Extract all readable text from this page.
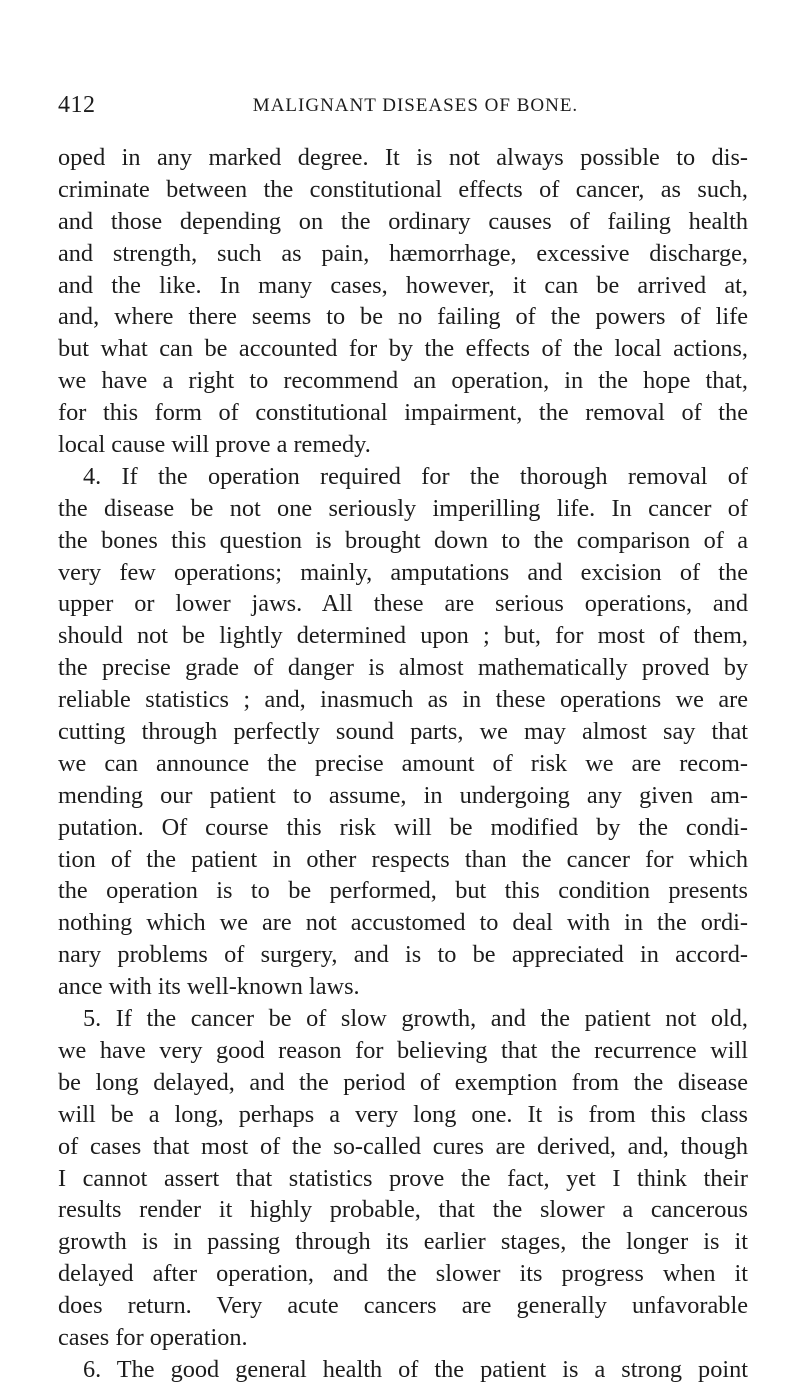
412	MALIGNANT DISEASES OF BONE.
oped in any marked degree. It is not always possible to dis-
criminate between the constitutional effects of cancer, as such,
and those depending on the ordinary causes of failing health
and strength, such as pain, hæmorrhage, excessive discharge,
and the like. In many cases, however, it can be arrived at,
and, where there seems to be no failing of the powers of life
but what can be accounted for by the effects of the local actions,
we have a right to recommend an operation, in the hope that,
for this form of constitutional impairment, the removal of the
local cause will prove a remedy.
4. If the operation required for the thorough removal of
the disease be not one seriously imperilling life. In cancer of
the bones this question is brought down to the comparison of a
very few operations; mainly, amputations and excision of the
upper or lower jaws. All these are serious operations, and
should not be lightly determined upon ; but, for most of them,
the precise grade of danger is almost mathematically proved by
reliable statistics ; and, inasmuch as in these operations we are
cutting through perfectly sound parts, we may almost say that
we can announce the precise amount of risk we are recom-
mending our patient to assume, in undergoing any given am-
putation. Of course this risk will be modified by the condi-
tion of the patient in other respects than the cancer for which
the operation is to be performed, but this condition presents
nothing which we are not accustomed to deal with in the ordi-
nary problems of surgery, and is to be appreciated in accord-
ance with its well-known laws.
5. If the cancer be of slow growth, and the patient not old,
we have very good reason for believing that the recurrence will
be long delayed, and the period of exemption from the disease
will be a long, perhaps a very long one. It is from this class
of cases that most of the so-called cures are derived, and, though
I cannot assert that statistics prove the fact, yet I think their
results render it highly probable, that the slower a cancerous
growth is in passing through its earlier stages, the longer is it
delayed after operation, and the slower its progress when it
does return. Very acute cancers are generally unfavorable
cases for operation.
6. The good general health of the patient is a strong point
